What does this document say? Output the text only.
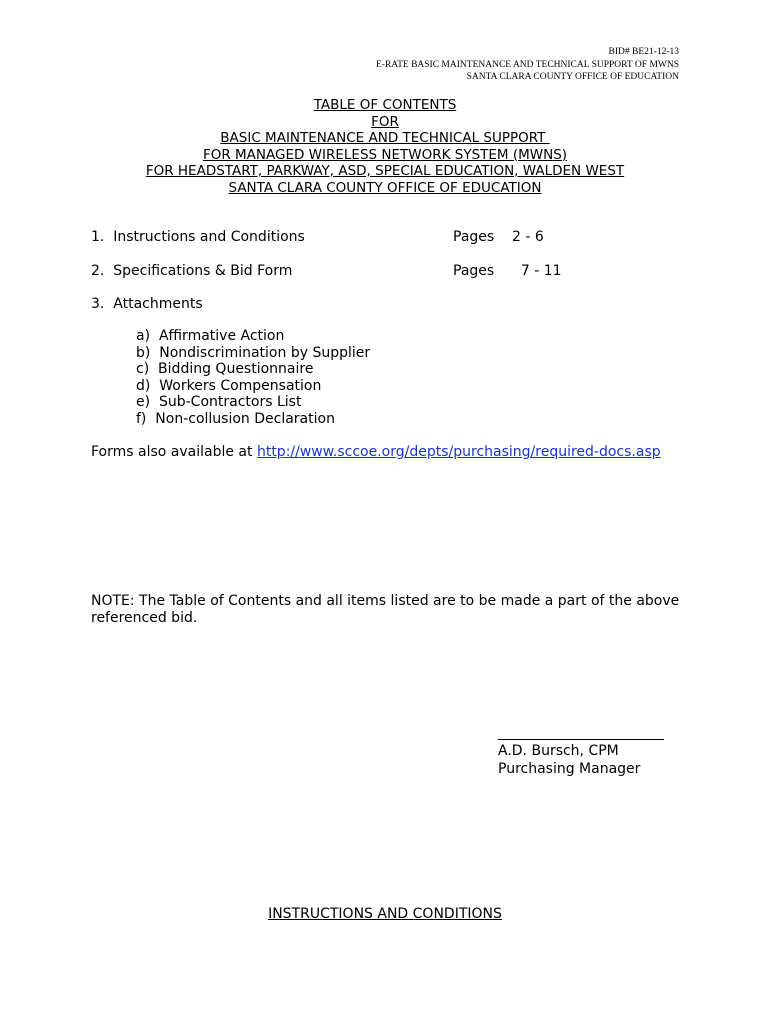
BID# BE21-12-13
E-RATE BASIC MAINTENANCE AND TECHNICAL SUPPORT OF MWNS
SANTA CLARA COUNTY OFFICE OF EDUCATION
TABLE OF CONTENTS
FOR
BASIC MAINTENANCE AND TECHNICAL SUPPORT
FOR MANAGED WIRELESS NETWORK SYSTEM (MWNS)
FOR HEADSTART, PARKWAY, ASD, SPECIAL EDUCATION, WALDEN WEST
SANTA CLARA COUNTY OFFICE OF EDUCATION
1.  Instructions and Conditions	Pages    2 - 6
2.  Specifications & Bid Form	Pages      7 - 11
3.  Attachments
a)  Affirmative Action
b)  Nondiscrimination by Supplier
c)  Bidding Questionnaire
d)  Workers Compensation
e)  Sub-Contractors List
f)  Non-collusion Declaration
Forms also available at http://www.sccoe.org/depts/purchasing/required-docs.asp
NOTE: The Table of Contents and all items listed are to be made a part of the above referenced bid.
A.D. Bursch, CPM
Purchasing Manager
INSTRUCTIONS AND CONDITIONS
